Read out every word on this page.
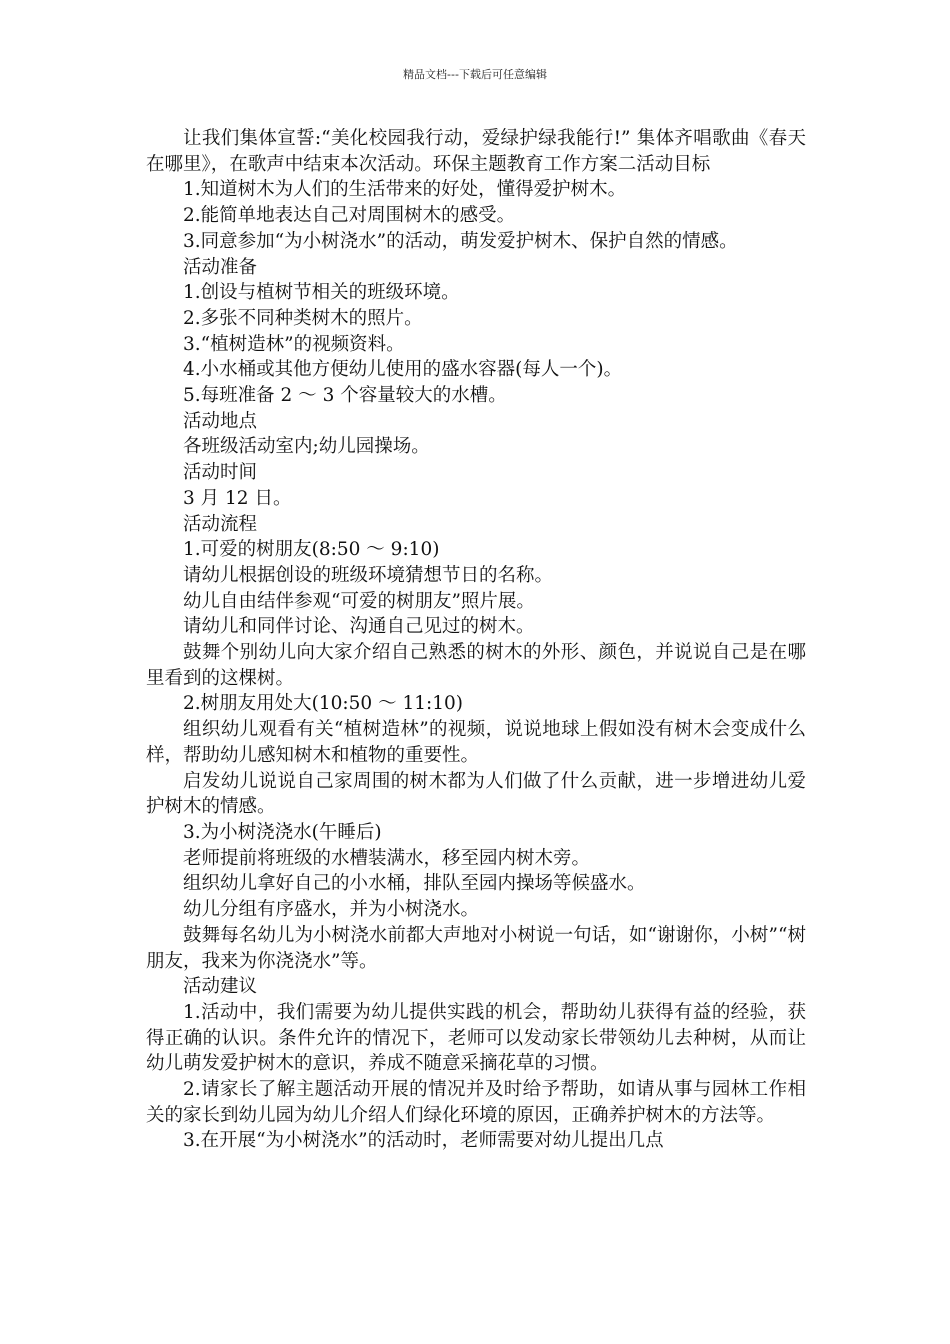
精品文档---下载后可任意编辑

让我们集体宣誓:“美化校园我行动，爱绿护绿我能行!” 集体齐唱歌曲《春天在哪里》，在歌声中结束本次活动。环保主题教育工作方案二活动目标

1.知道树木为人们的生活带来的好处，懂得爱护树木。

2.能简单地表达自己对周围树木的感受。

3.同意参加“为小树浇水”的活动，萌发爱护树木、保护自然的情感。

活动准备

1.创设与植树节相关的班级环境。

2.多张不同种类树木的照片。

3.“植树造林”的视频资料。

4.小水桶或其他方便幼儿使用的盛水容器(每人一个)。

5.每班准备 2 ～ 3 个容量较大的水槽。

活动地点

各班级活动室内;幼儿园操场。

活动时间

3 月 12 日。

活动流程

1.可爱的树朋友(8:50 ～ 9:10)

请幼儿根据创设的班级环境猜想节日的名称。

幼儿自由结伴参观“可爱的树朋友”照片展。

请幼儿和同伴讨论、沟通自己见过的树木。

鼓舞个别幼儿向大家介绍自己熟悉的树木的外形、颜色，并说说自己是在哪里看到的这棵树。

2.树朋友用处大(10:50 ～ 11:10)

组织幼儿观看有关“植树造林”的视频，说说地球上假如没有树木会变成什么样，帮助幼儿感知树木和植物的重要性。

启发幼儿说说自己家周围的树木都为人们做了什么贡献，进一步增进幼儿爱护树木的情感。

3.为小树浇浇水(午睡后)

老师提前将班级的水槽装满水，移至园内树木旁。

组织幼儿拿好自己的小水桶，排队至园内操场等候盛水。

幼儿分组有序盛水，并为小树浇水。

鼓舞每名幼儿为小树浇水前都大声地对小树说一句话，如“谢谢你，小树”“树朋友，我来为你浇浇水”等。

活动建议

1.活动中，我们需要为幼儿提供实践的机会，帮助幼儿获得有益的经验，获得正确的认识。条件允许的情况下，老师可以发动家长带领幼儿去种树，从而让幼儿萌发爱护树木的意识，养成不随意采摘花草的习惯。

2.请家长了解主题活动开展的情况并及时给予帮助，如请从事与园林工作相关的家长到幼儿园为幼儿介绍人们绿化环境的原因，正确养护树木的方法等。

3.在开展“为小树浇水”的活动时，老师需要对幼儿提出几点
